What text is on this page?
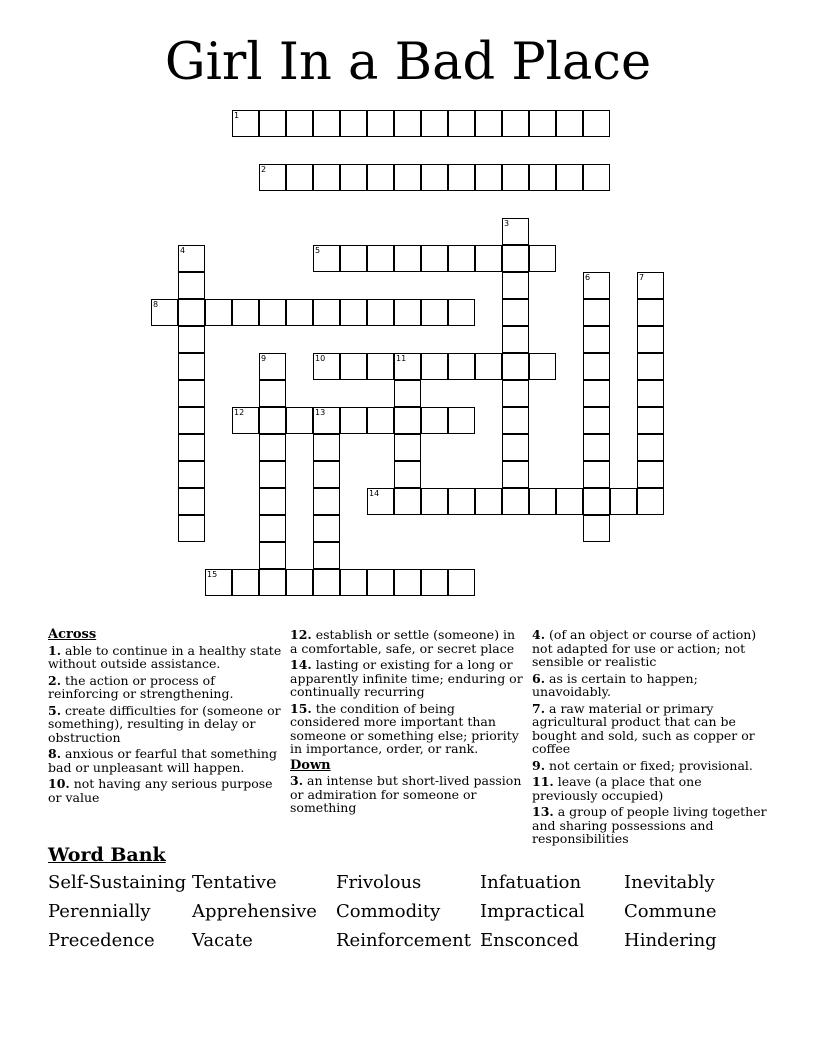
Girl In a Bad Place
1
2
3
4	5
6	7
8
9	10	11
12	13
14
15
Across
1. able to continue in a healthy state without outside assistance.
2. the action or process of reinforcing or strengthening.
5. create difficulties for (someone or something), resulting in delay or obstruction
8. anxious or fearful that something bad or unpleasant will happen.
10. not having any serious purpose or value
12. establish or settle (someone) in a comfortable, safe, or secret place
14. lasting or existing for a long or apparently infinite time; enduring or continually recurring
15. the condition of being considered more important than someone or something else; priority in importance, order, or rank.
Down
3. an intense but short-lived passion or admiration for someone or something
4. (of an object or course of action) not adapted for use or action; not sensible or realistic
6. as is certain to happen; unavoidably.
7. a raw material or primary agricultural product that can be bought and sold, such as copper or coffee
9. not certain or fixed; provisional.
11. leave (a place that one previously occupied)
13. a group of people living together and sharing possessions and responsibilities
Word Bank
Self-Sustaining Tentative	Frivolous	Infatuation	Inevitably
Perennially	Apprehensive	Commodity	Impractical	Commune
Precedence	Vacate	Reinforcement Ensconced	Hindering
